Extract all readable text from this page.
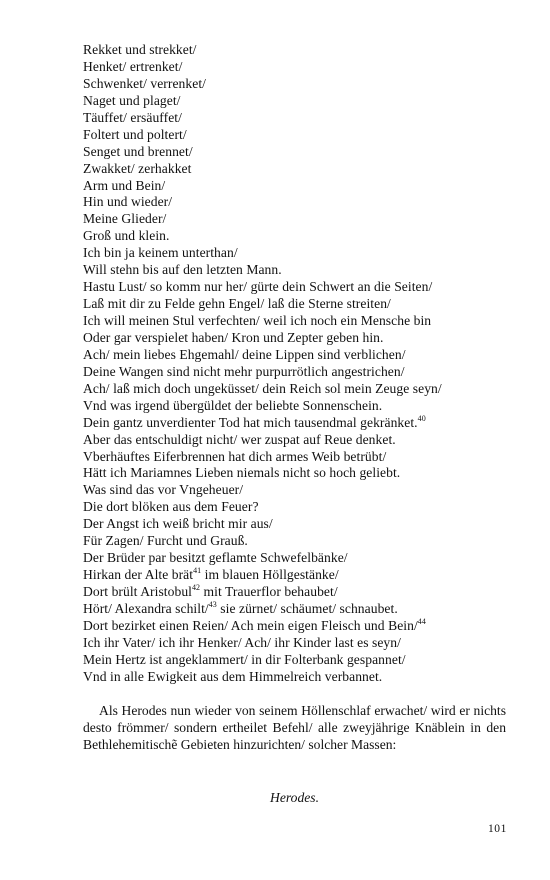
Rekket und strekket/
Henket/ ertrenket/
Schwenket/ verrenket/
Naget und plaget/
Täuffet/ ersäuffet/
Foltert und poltert/
Senget und brennet/
Zwakket/ zerhakket
Arm und Bein/
Hin und wieder/
Meine Glieder/
Groß und klein.
Ich bin ja keinem unterthan/
Will stehn bis auf den letzten Mann.
Hastu Lust/ so komm nur her/ gürte dein Schwert an die Seiten/
Laß mit dir zu Felde gehn Engel/ laß die Sterne streiten/
Ich will meinen Stul verfechten/ weil ich noch ein Mensche bin
Oder gar verspielet haben/ Kron und Zepter geben hin.
Ach/ mein liebes Ehgemahl/ deine Lippen sind verblichen/
Deine Wangen sind nicht mehr purpurrötlich angestrichen/
Ach/ laß mich doch ungeküsset/ dein Reich sol mein Zeuge seyn/
Vnd was irgend übergüldet der beliebte Sonnenschein.
Dein gantz unverdienter Tod hat mich tausendmal gekränket.$^{40}$
Aber das entschuldigt nicht/ wer zuspat auf Reue denket.
Vberhäuftes Eiferbrennen hat dich armes Weib betrübt/
Hätt ich Mariamnes Lieben niemals nicht so hoch geliebt.
Was sind das vor Vngeheuer/
Die dort blöken aus dem Feuer?
Der Angst ich weiß bricht mir aus/
Für Zagen/ Furcht und Grauß.
Der Brüder par besitzt geflamte Schwefelbänke/
Hirkan der Alte brät$^{41}$ im blauen Höllgestänke/
Dort brült Aristobul$^{42}$ mit Trauerflor behaubet/
Hört/ Alexandra schilt/$^{43}$ sie zürnet/ schäumet/ schnaubet.
Dort bezirket einen Reien/ Ach mein eigen Fleisch und Bein/$^{44}$
Ich ihr Vater/ ich ihr Henker/ Ach/ ihr Kinder last es seyn/
Mein Hertz ist angeklammert/ in dir Folterbank gespannet/
Vnd in alle Ewigkeit aus dem Himmelreich verbannet.

Als Herodes nun wieder von seinem Höllenschlaf erwachet/ wird er nichts desto frömmer/ sondern ertheilet Befehl/ alle zweyjährige Knäblein in den Bethlehemitischẽ Gebieten hinzurichten/ solcher Massen:

Herodes.

101
